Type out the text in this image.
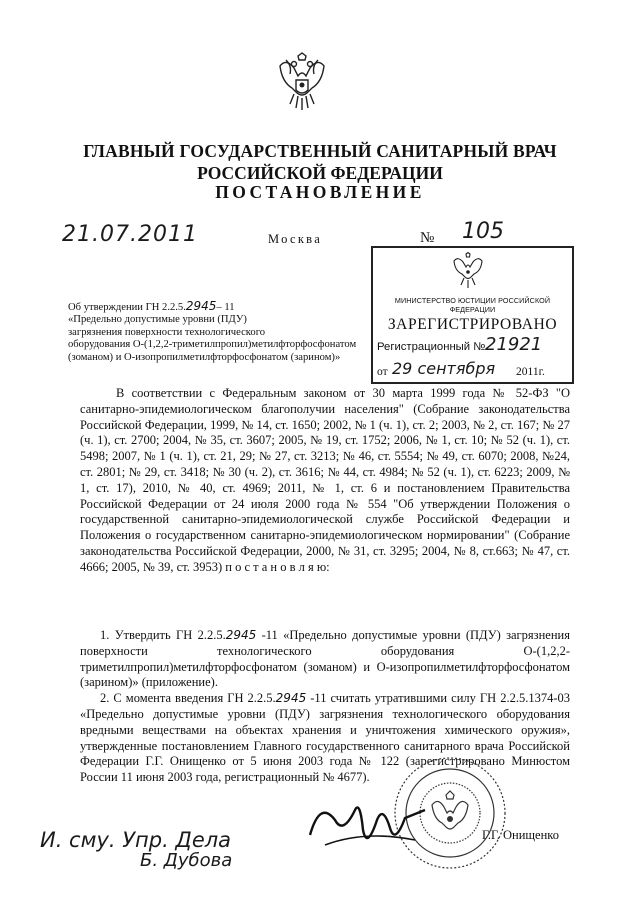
ГЛАВНЫЙ ГОСУДАРСТВЕННЫЙ САНИТАРНЫЙ ВРАЧ
РОССИЙСКОЙ ФЕДЕРАЦИИ
ПОСТАНОВЛЕНИЕ
21.07.2011	Москва	№ 105
МИНИСТЕРСТВО ЮСТИЦИИ РОССИЙСКОЙ ФЕДЕРАЦИИ
ЗАРЕГИСТРИРОВАНО
Регистрационный № 21921
от 29 сентября 2011г.
Об утверждении ГН 2.2.5.2945– 11
«Предельно допустимые уровни (ПДУ)
загрязнения поверхности технологического
оборудования О-(1,2,2-триметилпропил)метилфторфосфонатом
(зоманом) и О-изопропилметилфторфосфонатом (зарином)»

В соответствии с Федеральным законом от 30 марта 1999 года № 52-ФЗ "О санитарно-эпидемиологическом благополучии населения" (Собрание законодательства Российской Федерации, 1999, № 14, ст. 1650; 2002, № 1 (ч. 1), ст. 2; 2003, № 2, ст. 167; № 27 (ч. 1), ст. 2700; 2004, № 35, ст. 3607; 2005, № 19, ст. 1752; 2006, № 1, ст. 10; № 52 (ч. 1), ст. 5498; 2007, № 1 (ч. 1), ст. 21, 29; № 27, ст. 3213; № 46, ст. 5554; № 49, ст. 6070; 2008, №24, ст. 2801; № 29, ст. 3418; № 30 (ч. 2), ст. 3616; № 44, ст. 4984; № 52 (ч. 1), ст. 6223; 2009, № 1, ст. 17), 2010, № 40, ст. 4969; 2011, № 1, ст. 6 и постановлением Правительства Российской Федерации от 24 июля 2000 года № 554 "Об утверждении Положения о государственной санитарно-эпидемиологической службе Российской Федерации и Положения о государственном санитарно-эпидемиологическом нормировании" (Собрание законодательства Российской Федерации, 2000, № 31, ст. 3295; 2004, № 8, ст.663; № 47, ст. 4666; 2005, № 39, ст. 3953) п о с т а н о в л я ю:

1. Утвердить ГН 2.2.5.2945 -11 «Предельно допустимые уровни (ПДУ) загрязнения поверхности технологического оборудования О-(1,2,2-триметилпропил)метилфторфосфонатом (зоманом) и О-изопропилметилфторфосфонатом (зарином)» (приложение).

2. С момента введения ГН 2.2.5.2945 -11 считать утратившими силу ГН 2.2.5.1374-03 «Предельно допустимые уровни (ПДУ) загрязнения технологического оборудования вредными веществами на объектах хранения и уничтожения химического оружия», утвержденные постановлением Главного государственного санитарного врача Российской Федерации Г.Г. Онищенко от 5 июня 2003 года № 122 (зарегистрировано Минюстом России 11 июня 2003 года, регистрационный № 4677).

Г.Г. Онищенко
И. сму. Упр. Дела
Б. Дубова
